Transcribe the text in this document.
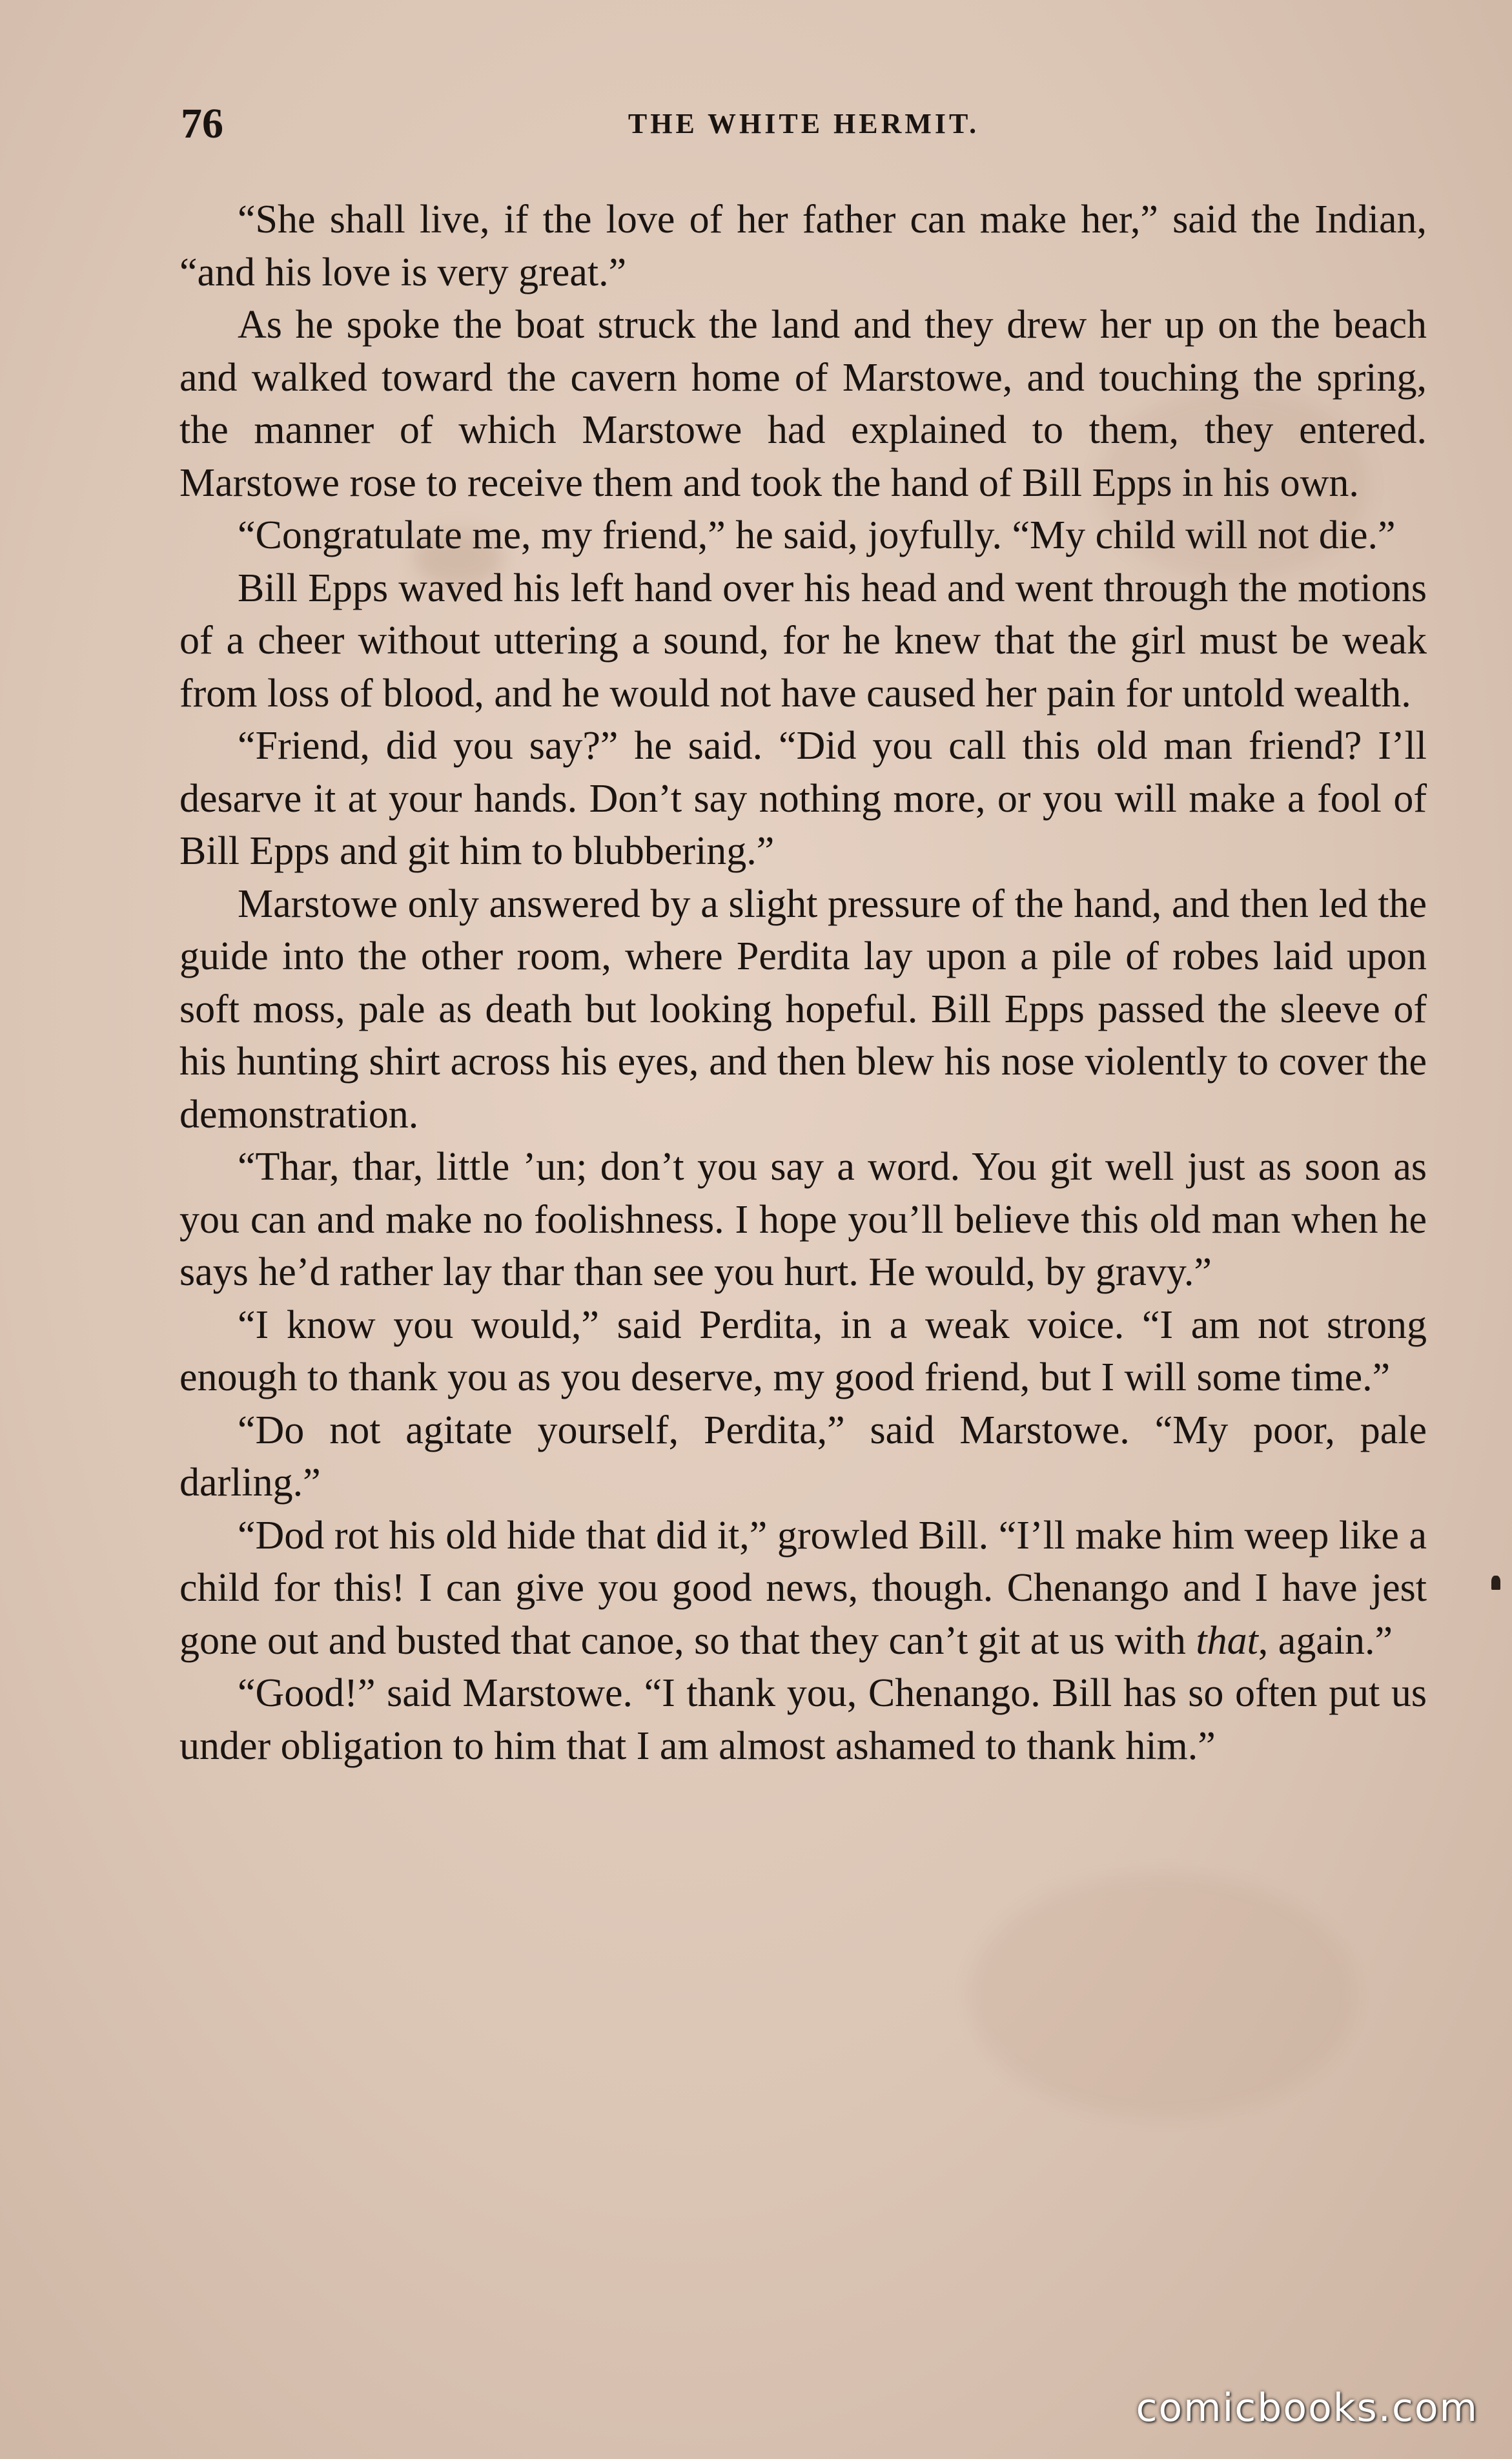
76	THE WHITE HERMIT.

“She shall live, if the love of her father can make her,” said the Indian, “and his love is very great.”

As he spoke the boat struck the land and they drew her up on the beach and walked toward the cavern home of Marstowe, and touching the spring, the manner of which Marstowe had explained to them, they entered. Marstowe rose to receive them and took the hand of Bill Epps in his own.

“Congratulate me, my friend,” he said, joyfully. “My child will not die.”

Bill Epps waved his left hand over his head and went through the motions of a cheer without uttering a sound, for he knew that the girl must be weak from loss of blood, and he would not have caused her pain for untold wealth.

“Friend, did you say?” he said. “Did you call this old man friend? I’ll desarve it at your hands. Don’t say nothing more, or you will make a fool of Bill Epps and git him to blubbering.”

Marstowe only answered by a slight pressure of the hand, and then led the guide into the other room, where Perdita lay upon a pile of robes laid upon soft moss, pale as death but looking hopeful. Bill Epps passed the sleeve of his hunting shirt across his eyes, and then blew his nose violently to cover the demonstration.

“Thar, thar, little ’un; don’t you say a word. You git well just as soon as you can and make no foolishness. I hope you’ll believe this old man when he says he’d rather lay thar than see you hurt. He would, by gravy.”

“I know you would,” said Perdita, in a weak voice. “I am not strong enough to thank you as you deserve, my good friend, but I will some time.”

“Do not agitate yourself, Perdita,” said Marstowe. “My poor, pale darling.”

“Dod rot his old hide that did it,” growled Bill. “I’ll make him weep like a child for this! I can give you good news, though. Chenango and I have jest gone out and busted that canoe, so that they can’t git at us with that, again.”

“Good!” said Marstowe. “I thank you, Chenango. Bill has so often put us under obligation to him that I am almost ashamed to thank him.”

comicbooks.com
